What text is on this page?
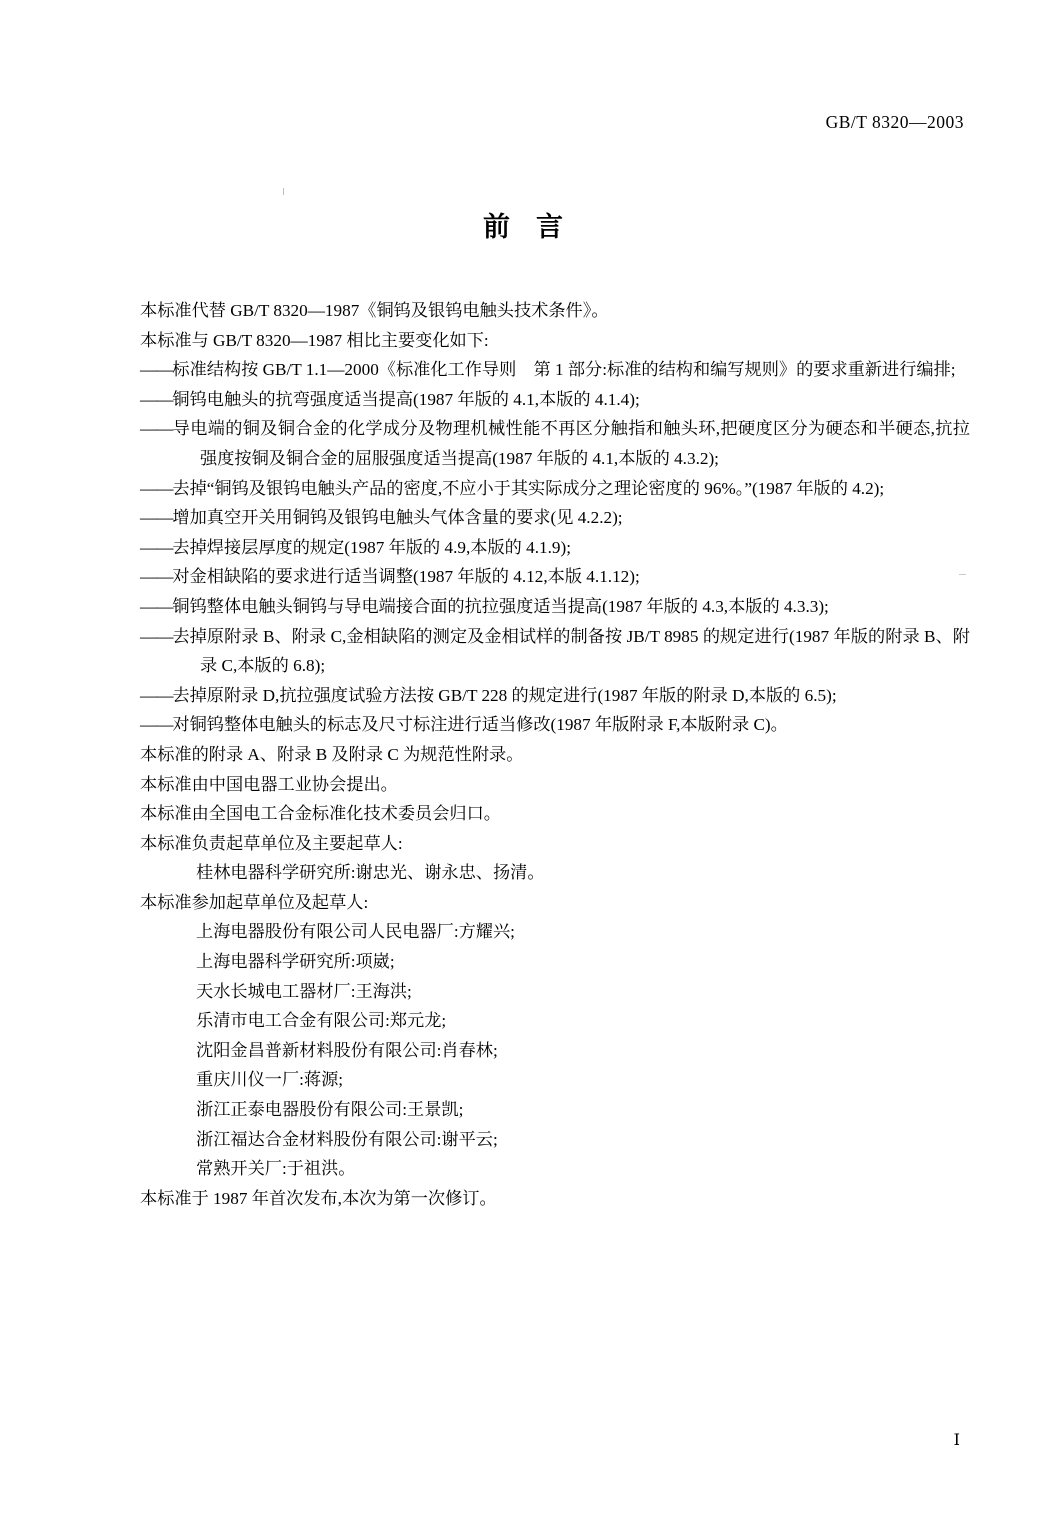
GB/T 8320—2003
前言

本标准代替 GB/T 8320—1987《铜钨及银钨电触头技术条件》。

本标准与 GB/T 8320—1987 相比主要变化如下:

——标准结构按 GB/T 1.1—2000《标准化工作导则　第 1 部分:标准的结构和编写规则》的要求重新进行编排;

——铜钨电触头的抗弯强度适当提高(1987 年版的 4.1,本版的 4.1.4);

——导电端的铜及铜合金的化学成分及物理机械性能不再区分触指和触头环,把硬度区分为硬态和半硬态,抗拉强度按铜及铜合金的屈服强度适当提高(1987 年版的 4.1,本版的 4.3.2);

——去掉“铜钨及银钨电触头产品的密度,不应小于其实际成分之理论密度的 96%。”(1987 年版的 4.2);

——增加真空开关用铜钨及银钨电触头气体含量的要求(见 4.2.2);

——去掉焊接层厚度的规定(1987 年版的 4.9,本版的 4.1.9);

——对金相缺陷的要求进行适当调整(1987 年版的 4.12,本版 4.1.12);

——铜钨整体电触头铜钨与导电端接合面的抗拉强度适当提高(1987 年版的 4.3,本版的 4.3.3);

——去掉原附录 B、附录 C,金相缺陷的测定及金相试样的制备按 JB/T 8985 的规定进行(1987 年版的附录 B、附录 C,本版的 6.8);

——去掉原附录 D,抗拉强度试验方法按 GB/T 228 的规定进行(1987 年版的附录 D,本版的 6.5);

——对铜钨整体电触头的标志及尺寸标注进行适当修改(1987 年版附录 F,本版附录 C)。

本标准的附录 A、附录 B 及附录 C 为规范性附录。

本标准由中国电器工业协会提出。

本标准由全国电工合金标准化技术委员会归口。

本标准负责起草单位及主要起草人:

桂林电器科学研究所:谢忠光、谢永忠、扬清。

本标准参加起草单位及起草人:

上海电器股份有限公司人民电器厂:方耀兴;

上海电器科学研究所:项崴;

天水长城电工器材厂:王海洪;

乐清市电工合金有限公司:郑元龙;

沈阳金昌普新材料股份有限公司:肖春林;

重庆川仪一厂:蒋源;

浙江正泰电器股份有限公司:王景凯;

浙江福达合金材料股份有限公司:谢平云;

常熟开关厂:于祖洪。

本标准于 1987 年首次发布,本次为第一次修订。

Ⅰ
